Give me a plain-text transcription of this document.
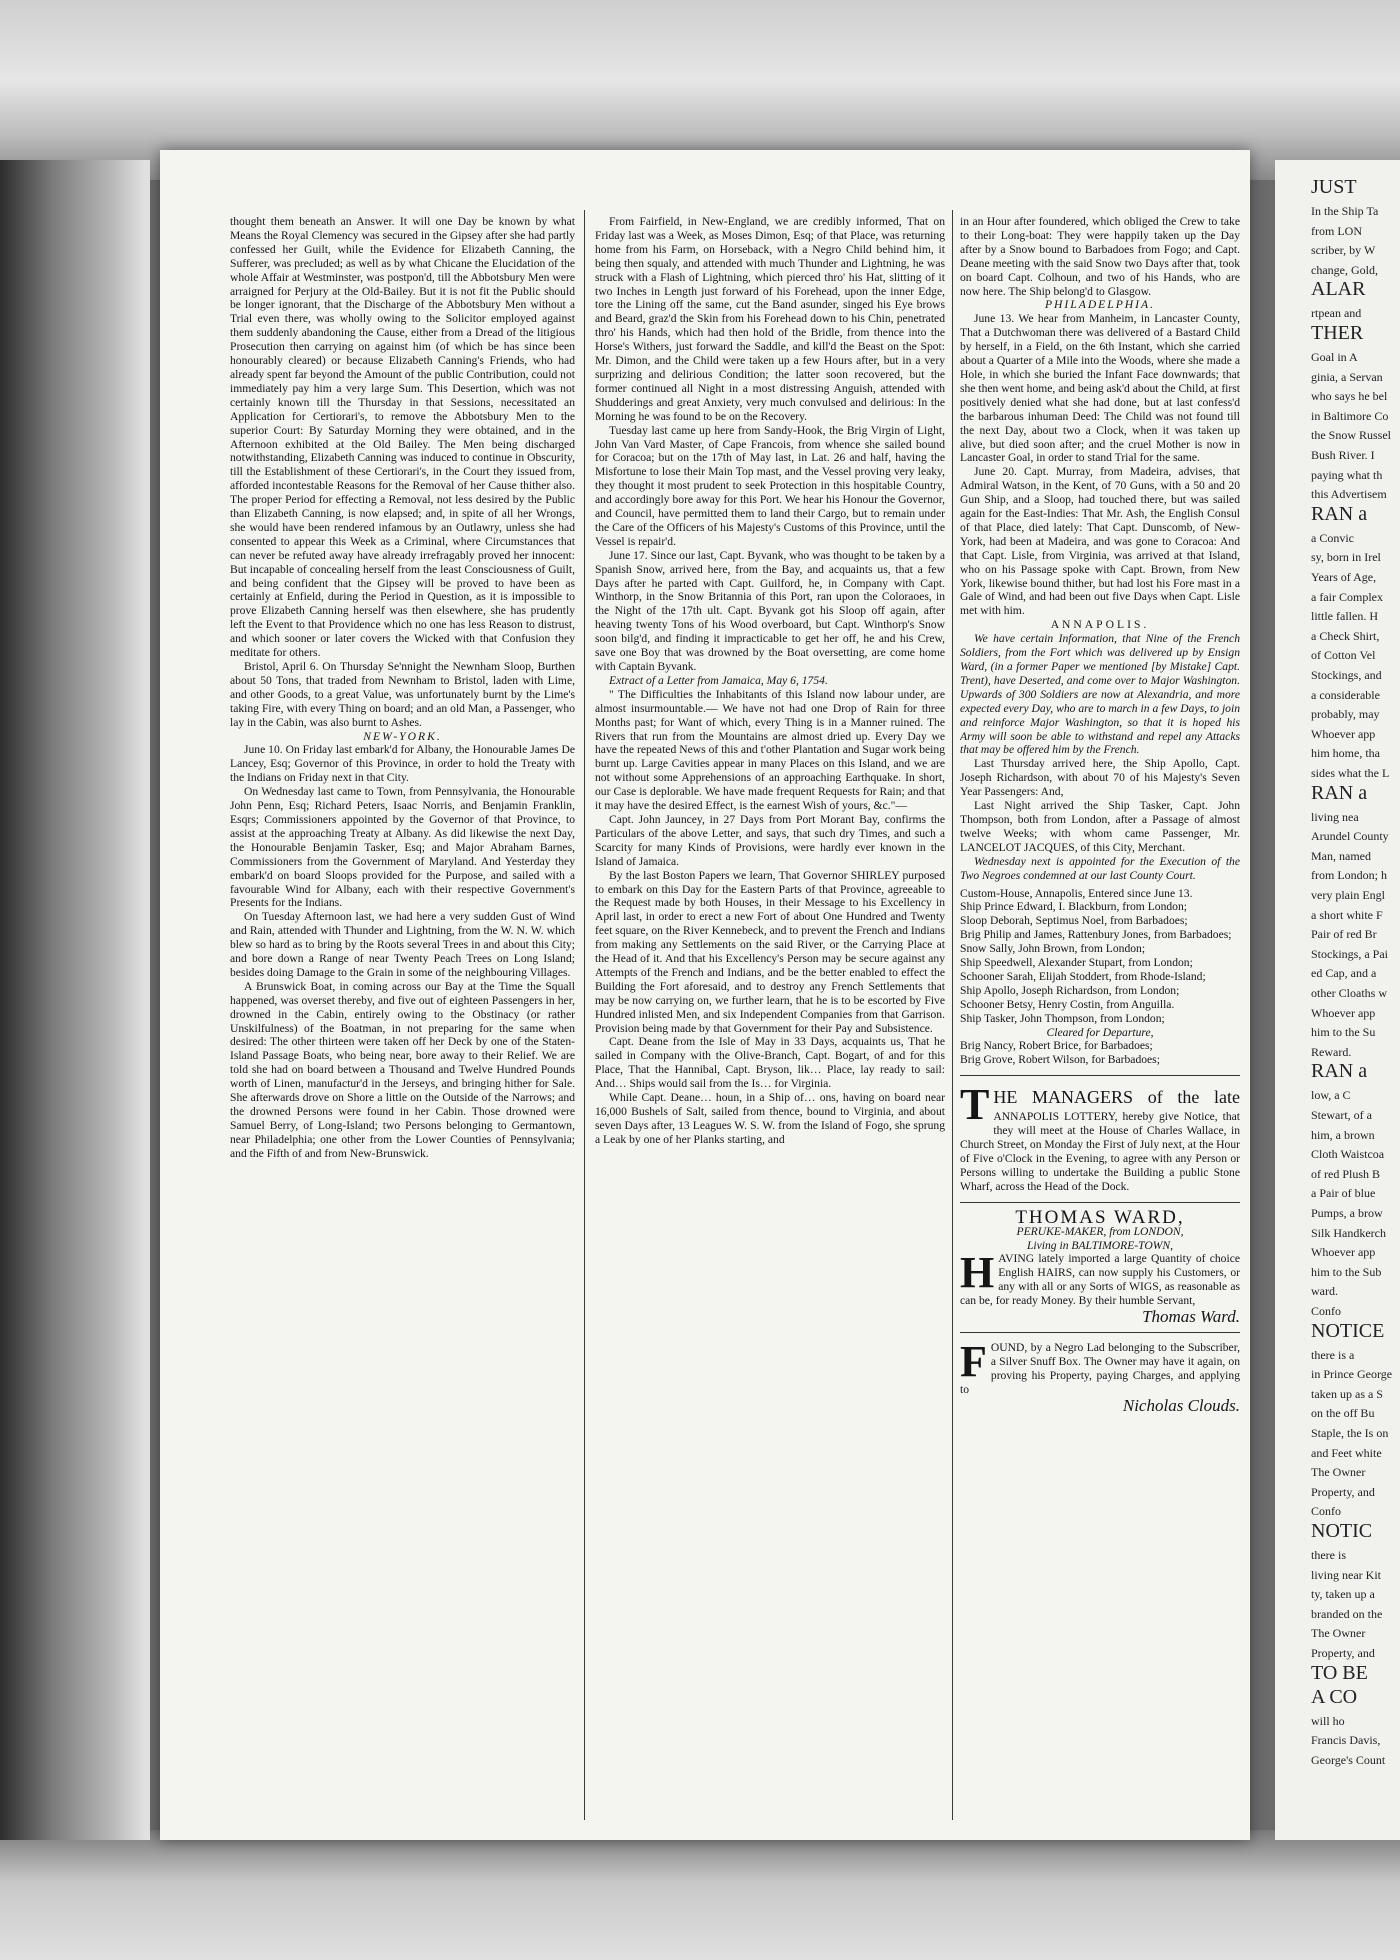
thought them beneath an Answer. It will one Day be known by what Means the Royal Clemency was secured in the Gipsey after she had partly confessed her Guilt, while the Evidence for Elizabeth Canning, the Sufferer, was precluded; as well as by what Chicane the Elucidation of the whole Affair at Westminster, was postpon'd, till the Abbotsbury Men were arraigned for Perjury at the Old-Bailey. But it is not fit the Public should be longer ignorant, that the Discharge of the Abbotsbury Men without a Trial even there, was wholly owing to the Solicitor employed against them suddenly abandoning the Cause, either from a Dread of the litigious Prosecution then carrying on against him (of which be has since been honourably cleared) or because Elizabeth Canning's Friends, who had already spent far beyond the Amount of the public Contribution, could not immediately pay him a very large Sum. This Desertion, which was not certainly known till the Thursday in that Sessions, necessitated an Application for Certiorari's, to remove the Abbotsbury Men to the superior Court: By Saturday Morning they were obtained, and in the Afternoon exhibited at the Old Bailey. The Men being discharged notwithstanding, Elizabeth Canning was induced to continue in Obscurity, till the Establishment of these Certiorari's, in the Court they issued from, afforded incontestable Reasons for the Removal of her Cause thither also. The proper Period for effecting a Removal, not less desired by the Public than Elizabeth Canning, is now elapsed; and, in spite of all her Wrongs, she would have been rendered infamous by an Outlawry, unless she had consented to appear this Week as a Criminal, where Circumstances that can never be refuted away have already irrefragably proved her innocent: But incapable of concealing herself from the least Consciousness of Guilt, and being confident that the Gipsey will be proved to have been as certainly at Enfield, during the Period in Question, as it is impossible to prove Elizabeth Canning herself was then elsewhere, she has prudently left the Event to that Providence which no one has less Reason to distrust, and which sooner or later covers the Wicked with that Confusion they meditate for others.

Bristol, April 6. On Thursday Se'nnight the Newnham Sloop, Burthen about 50 Tons, that traded from Newnham to Bristol, laden with Lime, and other Goods, to a great Value, was unfortunately burnt by the Lime's taking Fire, with every Thing on board; and an old Man, a Passenger, who lay in the Cabin, was also burnt to Ashes.

NEW-YORK.

June 10. On Friday last embark'd for Albany, the Honourable James De Lancey, Esq; Governor of this Province, in order to hold the Treaty with the Indians on Friday next in that City.

On Wednesday last came to Town, from Pennsylvania, the Honourable John Penn, Esq; Richard Peters, Isaac Norris, and Benjamin Franklin, Esqrs; Commissioners appointed by the Governor of that Province, to assist at the approaching Treaty at Albany. As did likewise the next Day, the Honourable Benjamin Tasker, Esq; and Major Abraham Barnes, Commissioners from the Government of Maryland. And Yesterday they embark'd on board Sloops provided for the Purpose, and sailed with a favourable Wind for Albany, each with their respective Government's Presents for the Indians.

On Tuesday Afternoon last, we had here a very sudden Gust of Wind and Rain, attended with Thunder and Lightning, from the W. N. W. which blew so hard as to bring by the Roots several Trees in and about this City; and bore down a Range of near Twenty Peach Trees on Long Island; besides doing Damage to the Grain in some of the neighbouring Villages.

A Brunswick Boat, in coming across our Bay at the Time the Squall happened, was overset thereby, and five out of eighteen Passengers in her, drowned in the Cabin, entirely owing to the Obstinacy (or rather Unskilfulness) of the Boatman, in not preparing for the same when desired: The other thirteen were taken off her Deck by one of the Staten-Island Passage Boats, who being near, bore away to their Relief. We are told she had on board between a Thousand and Twelve Hundred Pounds worth of Linen, manufactur'd in the Jerseys, and bringing hither for Sale. She afterwards drove on Shore a little on the Outside of the Narrows; and the drowned Persons were found in her Cabin. Those drowned were Samuel Berry, of Long-Island; two Persons belonging to Germantown, near Philadelphia; one other from the Lower Counties of Pennsylvania; and the Fifth of and from New-Brunswick.

From Fairfield, in New-England, we are credibly informed, That on Friday last was a Week, as Moses Dimon, Esq; of that Place, was returning home from his Farm, on Horseback, with a Negro Child behind him, it being then squaly, and attended with much Thunder and Lightning, he was struck with a Flash of Lightning, which pierced thro' his Hat, slitting of it two Inches in Length just forward of his Forehead, upon the inner Edge, tore the Lining off the same, cut the Band asunder, singed his Eye brows and Beard, graz'd the Skin from his Forehead down to his Chin, penetrated thro' his Hands, which had then hold of the Bridle, from thence into the Horse's Withers, just forward the Saddle, and kill'd the Beast on the Spot: Mr. Dimon, and the Child were taken up a few Hours after, but in a very surprizing and delirious Condition; the latter soon recovered, but the former continued all Night in a most distressing Anguish, attended with Shudderings and great Anxiety, very much convulsed and delirious: In the Morning he was found to be on the Recovery.

Tuesday last came up here from Sandy-Hook, the Brig Virgin of Light, John Van Vard Master, of Cape Francois, from whence she sailed bound for Coracoa; but on the 17th of May last, in Lat. 26 and half, having the Misfortune to lose their Main Top mast, and the Vessel proving very leaky, they thought it most prudent to seek Protection in this hospitable Country, and accordingly bore away for this Port. We hear his Honour the Governor, and Council, have permitted them to land their Cargo, but to remain under the Care of the Officers of his Majesty's Customs of this Province, until the Vessel is repair'd.

June 17. Since our last, Capt. Byvank, who was thought to be taken by a Spanish Snow, arrived here, from the Bay, and acquaints us, that a few Days after he parted with Capt. Guilford, he, in Company with Capt. Winthorp, in the Snow Britannia of this Port, ran upon the Coloraoes, in the Night of the 17th ult. Capt. Byvank got his Sloop off again, after heaving twenty Tons of his Wood overboard, but Capt. Winthorp's Snow soon bilg'd, and finding it impracticable to get her off, he and his Crew, save one Boy that was drowned by the Boat oversetting, are come home with Captain Byvank.

Extract of a Letter from Jamaica, May 6, 1754.

" The Difficulties the Inhabitants of this Island now labour under, are almost insurmountable.— We have not had one Drop of Rain for three Months past; for Want of which, every Thing is in a Manner ruined. The Rivers that run from the Mountains are almost dried up. Every Day we have the repeated News of this and t'other Plantation and Sugar work being burnt up. Large Cavities appear in many Places on this Island, and we are not without some Apprehensions of an approaching Earthquake. In short, our Case is deplorable. We have made frequent Requests for Rain; and that it may have the desired Effect, is the earnest Wish of yours, &c."—

Capt. John Jauncey, in 27 Days from Port Morant Bay, confirms the Particulars of the above Letter, and says, that such dry Times, and such a Scarcity for many Kinds of Provisions, were hardly ever known in the Island of Jamaica.

By the last Boston Papers we learn, That Governor SHIRLEY purposed to embark on this Day for the Eastern Parts of that Province, agreeable to the Request made by both Houses, in their Message to his Excellency in April last, in order to erect a new Fort of about One Hundred and Twenty feet square, on the River Kennebeck, and to prevent the French and Indians from making any Settlements on the said River, or the Carrying Place at the Head of it. And that his Excellency's Person may be secure against any Attempts of the French and Indians, and be the better enabled to effect the Building the Fort aforesaid, and to destroy any French Settlements that may be now carrying on, we further learn, that he is to be escorted by Five Hundred inlisted Men, and six Independent Companies from that Garrison. Provision being made by that Government for their Pay and Subsistence.

Capt. Deane from the Isle of May in 33 Days, acquaints us, That he sailed in Company with the Olive-Branch, Capt. Bogart, of and for this Place, That the Hannibal, Capt. Bryson, lik… Place, lay ready to sail: And… Ships would sail from the Is… for Virginia.

While Capt. Deane… houn, in a Ship of… ons, having on board near 16,000 Bushels of Salt, sailed from thence, bound to Virginia, and about seven Days after, 13 Leagues W. S. W. from the Island of Fogo, she sprung a Leak by one of her Planks starting, and

in an Hour after foundered, which obliged the Crew to take to their Long-boat: They were happily taken up the Day after by a Snow bound to Barbadoes from Fogo; and Capt. Deane meeting with the said Snow two Days after that, took on board Capt. Colhoun, and two of his Hands, who are now here. The Ship belong'd to Glasgow.

PHILADELPHIA.

June 13. We hear from Manheim, in Lancaster County, That a Dutchwoman there was delivered of a Bastard Child by herself, in a Field, on the 6th Instant, which she carried about a Quarter of a Mile into the Woods, where she made a Hole, in which she buried the Infant Face downwards; that she then went home, and being ask'd about the Child, at first positively denied what she had done, but at last confess'd the barbarous inhuman Deed: The Child was not found till the next Day, about two a Clock, when it was taken up alive, but died soon after; and the cruel Mother is now in Lancaster Goal, in order to stand Trial for the same.

June 20. Capt. Murray, from Madeira, advises, that Admiral Watson, in the Kent, of 70 Guns, with a 50 and 20 Gun Ship, and a Sloop, had touched there, but was sailed again for the East-Indies: That Mr. Ash, the English Consul of that Place, died lately: That Capt. Dunscomb, of New-York, had been at Madeira, and was gone to Coracoa: And that Capt. Lisle, from Virginia, was arrived at that Island, who on his Passage spoke with Capt. Brown, from New York, likewise bound thither, but had lost his Fore mast in a Gale of Wind, and had been out five Days when Capt. Lisle met with him.

ANNAPOLIS.

We have certain Information, that Nine of the French Soldiers, from the Fort which was delivered up by Ensign Ward, (in a former Paper we mentioned [by Mistake] Capt. Trent), have Deserted, and come over to Major Washington. Upwards of 300 Soldiers are now at Alexandria, and more expected every Day, who are to march in a few Days, to join and reinforce Major Washington, so that it is hoped his Army will soon be able to withstand and repel any Attacks that may be offered him by the French.

Last Thursday arrived here, the Ship Apollo, Capt. Joseph Richardson, with about 70 of his Majesty's Seven Year Passengers: And,

Last Night arrived the Ship Tasker, Capt. John Thompson, both from London, after a Passage of almost twelve Weeks; with whom came Passenger, Mr. LANCELOT JACQUES, of this City, Merchant.

Wednesday next is appointed for the Execution of the Two Negroes condemned at our last County Court.

Custom-House, Annapolis, Entered since June 13.
Ship Prince Edward, I. Blackburn, from London;
Sloop Deborah, Septimus Noel, from Barbadoes;
Brig Philip and James, Rattenbury Jones, from Barbadoes;
Snow Sally, John Brown, from London;
Ship Speedwell, Alexander Stupart, from London;
Schooner Sarah, Elijah Stoddert, from Rhode-Island;
Ship Apollo, Joseph Richardson, from London;
Schooner Betsy, Henry Costin, from Anguilla.
Ship Tasker, John Thompson, from London;
Cleared for Departure,
Brig Nancy, Robert Brice, for Barbadoes;
Brig Grove, Robert Wilson, for Barbadoes;
T HE MANAGERS of the late ANNAPOLIS LOTTERY, hereby give Notice, that they will meet at the House of Charles Wallace, in Church Street, on Monday the First of July next, at the Hour of Five o'Clock in the Evening, to agree with any Person or Persons willing to undertake the Building a public Stone Wharf, across the Head of the Dock.
THOMAS WARD,
PERUKE-MAKER, from LONDON,
Living in BALTIMORE-TOWN,
H AVING lately imported a large Quantity of choice English HAIRS, can now supply his Customers, or any with all or any Sorts of WIGS, as reasonable as can be, for ready Money. By their humble Servant,
Thomas Ward.
F OUND, by a Negro Lad belonging to the Subscriber, a Silver Snuff Box. The Owner may have it again, on proving his Property, paying Charges, and applying to
Nicholas Clouds.
JUST
In the Ship Ta
from LON
scriber, by W
change, Gold,
ALAR
rtpean and
THER
Goal in A
ginia, a Servan
who says he bel
in Baltimore Co
the Snow Russel
Bush River. I
paying what th
this Advertisem
RAN a
a Convic
sy, born in Irel
Years of Age,
a fair Complex
little fallen. H
a Check Shirt,
of Cotton Vel
Stockings, and
a considerable
probably, may
Whoever app
him home, tha
sides what the L
RAN a
living nea
Arundel County
Man, named
from London; h
very plain Engl
a short white F
Pair of red Br
Stockings, a Pai
ed Cap, and a
other Cloaths w
Whoever app
him to the Su
Reward.
RAN a
low, a C
Stewart, of a
him, a brown
Cloth Waistcoa
of red Plush B
a Pair of blue
Pumps, a brow
Silk Handkerch
Whoever app
him to the Sub
ward.
Confo
NOTICE
there is a
in Prince George
taken up as a S
on the off Bu
Staple, the Is on
and Feet white
The Owner
Property, and
Confo
NOTIC
there is
living near Kit
ty, taken up a
branded on the
The Owner
Property, and
TO BE
A CO
will ho
Francis Davis,
George's Count
